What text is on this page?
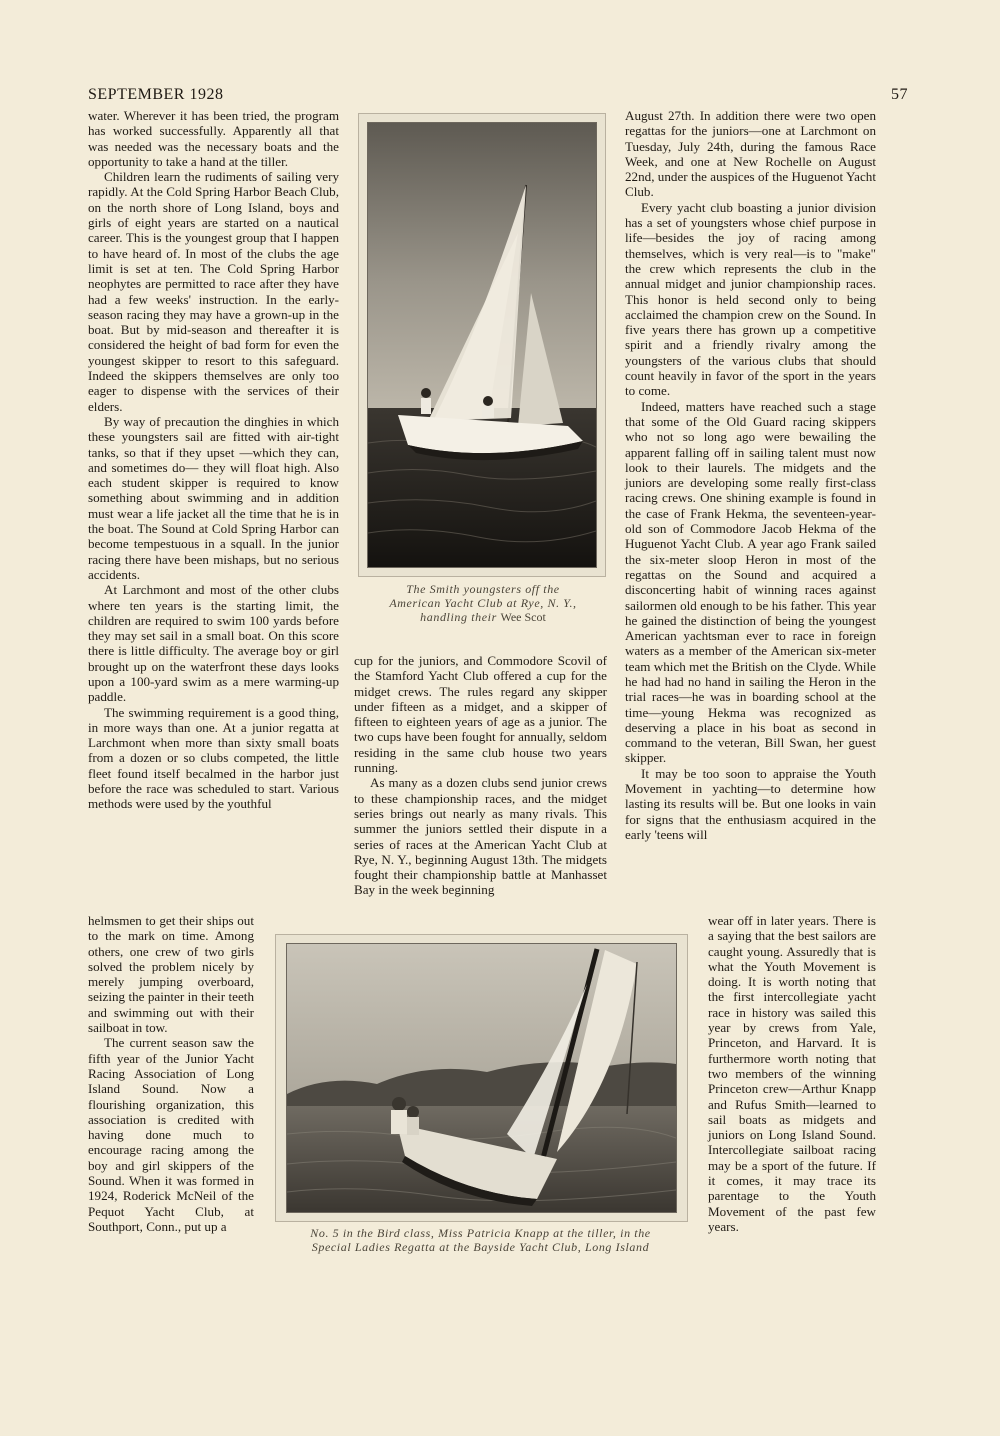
SEPTEMBER 1928	57

water. Wherever it has been tried, the program has worked successfully. Apparently all that was needed was the necessary boats and the opportunity to take a hand at the tiller.

Children learn the rudiments of sailing very rapidly. At the Cold Spring Harbor Beach Club, on the north shore of Long Island, boys and girls of eight years are started on a nautical career. This is the youngest group that I happen to have heard of. In most of the clubs the age limit is set at ten. The Cold Spring Harbor neophytes are permitted to race after they have had a few weeks' instruction. In the early-season racing they may have a grown-up in the boat. But by mid-season and thereafter it is considered the height of bad form for even the youngest skipper to resort to this safeguard. Indeed the skippers themselves are only too eager to dispense with the services of their elders.

By way of precaution the dinghies in which these youngsters sail are fitted with air-tight tanks, so that if they upset —which they can, and sometimes do— they will float high. Also each student skipper is required to know something about swimming and in addition must wear a life jacket all the time that he is in the boat. The Sound at Cold Spring Harbor can become tempestuous in a squall. In the junior racing there have been mishaps, but no serious accidents.

At Larchmont and most of the other clubs where ten years is the starting limit, the children are required to swim 100 yards before they may set sail in a small boat. On this score there is little difficulty. The average boy or girl brought up on the waterfront these days looks upon a 100-yard swim as a mere warming-up paddle.

The swimming requirement is a good thing, in more ways than one. At a junior regatta at Larchmont when more than sixty small boats from a dozen or so clubs competed, the little fleet found itself becalmed in the harbor just before the race was scheduled to start. Various methods were used by the youthful

helmsmen to get their ships out to the mark on time. Among others, one crew of two girls solved the problem nicely by merely jumping overboard, seizing the painter in their teeth and swimming out with their sailboat in tow.

The current season saw the fifth year of the Junior Yacht Racing Association of Long Island Sound. Now a flourishing organization, this association is credited with having done much to encourage racing among the boy and girl skippers of the Sound. When it was formed in 1924, Roderick McNeil of the Pequot Yacht Club, at Southport, Conn., put up a

The Smith youngsters off the
American Yacht Club at Rye, N. Y.,
handling their Wee Scot

cup for the juniors, and Commodore Scovil of the Stamford Yacht Club offered a cup for the midget crews. The rules regard any skipper under fifteen as a midget, and a skipper of fifteen to eighteen years of age as a junior. The two cups have been fought for annually, seldom residing in the same club house two years running.

As many as a dozen clubs send junior crews to these championship races, and the midget series brings out nearly as many rivals. This summer the juniors settled their dispute in a series of races at the American Yacht Club at Rye, N. Y., beginning August 13th. The midgets fought their championship battle at Manhasset Bay in the week beginning

August 27th. In addition there were two open regattas for the juniors—one at Larchmont on Tuesday, July 24th, during the famous Race Week, and one at New Rochelle on August 22nd, under the auspices of the Huguenot Yacht Club.

Every yacht club boasting a junior division has a set of youngsters whose chief purpose in life—besides the joy of racing among themselves, which is very real—is to "make" the crew which represents the club in the annual midget and junior championship races. This honor is held second only to being acclaimed the champion crew on the Sound. In five years there has grown up a competitive spirit and a friendly rivalry among the youngsters of the various clubs that should count heavily in favor of the sport in the years to come.

Indeed, matters have reached such a stage that some of the Old Guard racing skippers who not so long ago were bewailing the apparent falling off in sailing talent must now look to their laurels. The midgets and the juniors are developing some really first-class racing crews. One shining example is found in the case of Frank Hekma, the seventeen-year-old son of Commodore Jacob Hekma of the Huguenot Yacht Club. A year ago Frank sailed the six-meter sloop Heron in most of the regattas on the Sound and acquired a disconcerting habit of winning races against sailormen old enough to be his father. This year he gained the distinction of being the youngest American yachtsman ever to race in foreign waters as a member of the American six-meter team which met the British on the Clyde. While he had had no hand in sailing the Heron in the trial races—he was in boarding school at the time—young Hekma was recognized as deserving a place in his boat as second in command to the veteran, Bill Swan, her guest skipper.

It may be too soon to appraise the Youth Movement in yachting—to determine how lasting its results will be. But one looks in vain for signs that the enthusiasm acquired in the early 'teens will

wear off in later years. There is a saying that the best sailors are caught young. Assuredly that is what the Youth Movement is doing. It is worth noting that the first intercollegiate yacht race in history was sailed this year by crews from Yale, Princeton, and Harvard. It is furthermore worth noting that two members of the winning Princeton crew—Arthur Knapp and Rufus Smith—learned to sail boats as midgets and juniors on Long Island Sound. Intercollegiate sailboat racing may be a sport of the future. If it comes, it may trace its parentage to the Youth Movement of the past few years.

No. 5 in the Bird class, Miss Patricia Knapp at the tiller, in the
Special Ladies Regatta at the Bayside Yacht Club, Long Island
